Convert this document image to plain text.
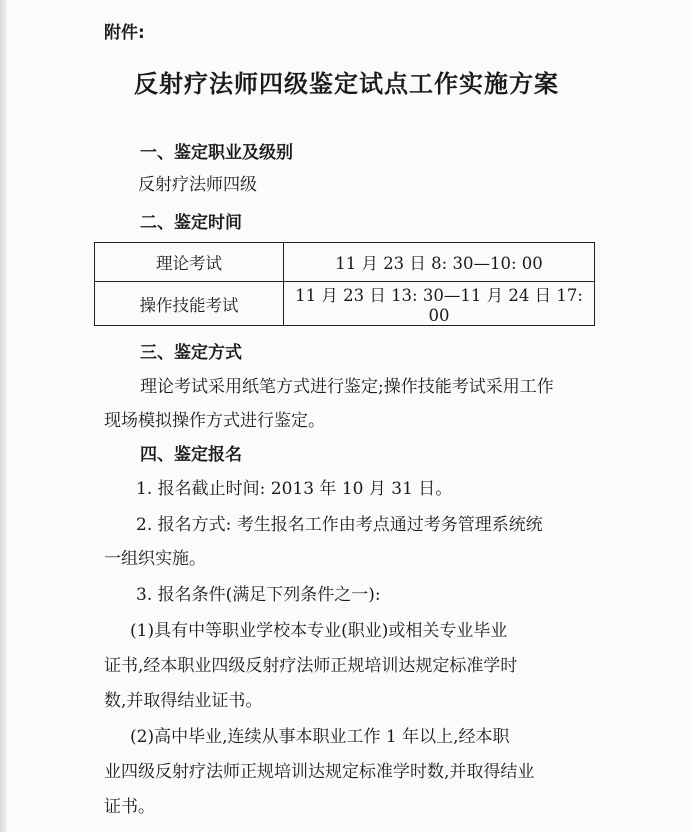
附件:
反射疗法师四级鉴定试点工作实施方案
一、鉴定职业及级别
反射疗法师四级
二、鉴定时间
理论考试	11 月 23 日 8: 30—10: 00
操作技能考试	11 月 23 日 13: 30—11 月 24 日 17: 00
三、鉴定方式
理论考试采用纸笔方式进行鉴定;操作技能考试采用工作
现场模拟操作方式进行鉴定。
四、鉴定报名
1. 报名截止时间: 2013 年 10 月 31 日。
2. 报名方式: 考生报名工作由考点通过考务管理系统统
一组织实施。
3. 报名条件(满足下列条件之一):
(1)具有中等职业学校本专业(职业)或相关专业毕业
证书,经本职业四级反射疗法师正规培训达规定标准学时
数,并取得结业证书。
(2)高中毕业,连续从事本职业工作 1 年以上,经本职
业四级反射疗法师正规培训达规定标准学时数,并取得结业
证书。
